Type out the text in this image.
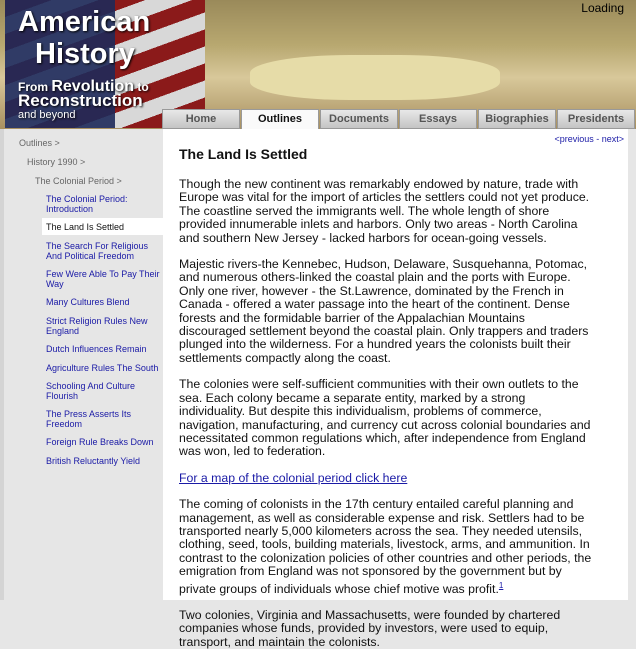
American
History
From Revolution to
Reconstruction
and beyond
Loading
Home	Outlines	Documents	Essays	Biographies	Presidents
Outlines >
History 1990 >
The Colonial Period >
The Colonial Period: Introduction
The Land Is Settled
The Search For Religious And Political Freedom
Few Were Able To Pay Their Way
Many Cultures Blend
Strict Religion Rules New England
Dutch Influences Remain
Agriculture Rules The South
Schooling And Culture Flourish
The Press Asserts Its Freedom
Foreign Rule Breaks Down
British Reluctantly Yield
<previous - next>
The Land Is Settled

Though the new continent was remarkably endowed by nature, trade with Europe was vital for the import of articles the settlers could not yet produce. The coastline served the immigrants well. The whole length of shore provided innumerable inlets and harbors. Only two areas - North Carolina and southern New Jersey - lacked harbors for ocean-going vessels.

Majestic rivers-the Kennebec, Hudson, Delaware, Susquehanna, Potomac, and numerous others-linked the coastal plain and the ports with Europe. Only one river, however - the St.Lawrence, dominated by the French in Canada - offered a water passage into the heart of the continent. Dense forests and the formidable barrier of the Appalachian Mountains discouraged settlement beyond the coastal plain. Only trappers and traders plunged into the wilderness. For a hundred years the colonists built their settlements compactly along the coast.

The colonies were self-sufficient communities with their own outlets to the sea. Each colony became a separate entity, marked by a strong individuality. But despite this individualism, problems of commerce, navigation, manufacturing, and currency cut across colonial boundaries and necessitated common regulations which, after independence from England was won, led to federation.

For a map of the colonial period click here

The coming of colonists in the 17th century entailed careful planning and management, as well as considerable expense and risk. Settlers had to be transported nearly 5,000 kilometers across the sea. They needed utensils, clothing, seed, tools, building materials, livestock, arms, and ammunition. In contrast to the colonization policies of other countries and other periods, the emigration from England was not sponsored by the government but by private groups of individuals whose chief motive was profit.$^1$

Two colonies, Virginia and Massachusetts, were founded by chartered companies whose funds, provided by investors, were used to equip, transport, and maintain the colonists.
